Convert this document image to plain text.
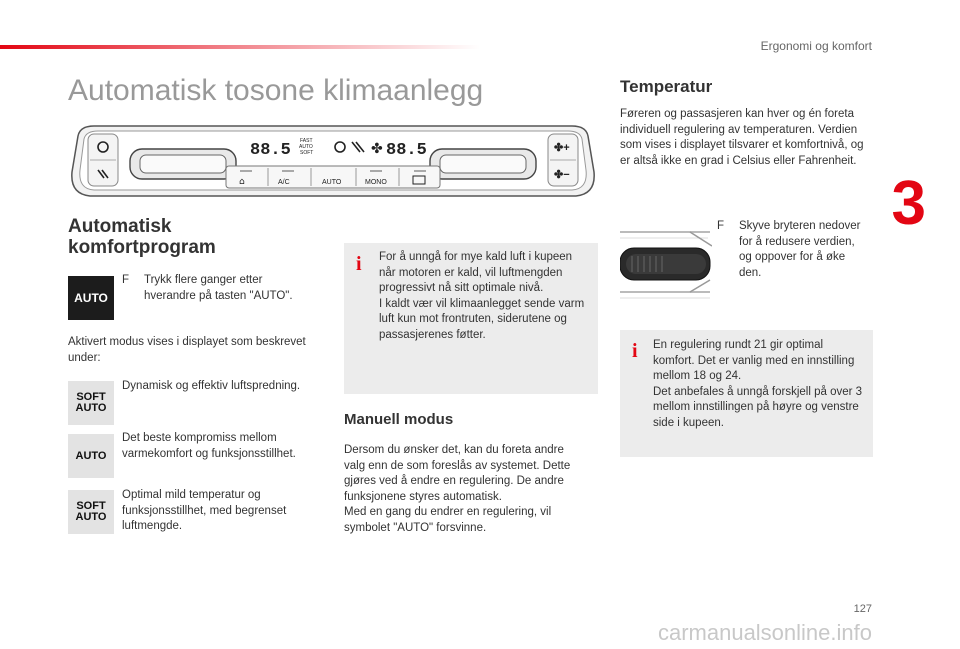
Ergonomi og komfort
3
Automatisk tosone klimaanlegg
✤+
✤−
88.5 FAST
AUTO
SOFT	✤ 88.5
⌂	A/C	AUTO	MONO
Automatisk
komfortprogram
AUTO
F Trykk flere ganger etter hverandre på tasten "AUTO".
Aktivert modus vises i displayet som beskrevet under:
SOFT
AUTO
Dynamisk og effektiv luftspredning.
AUTO
Det beste kompromiss mellom varmekomfort og funksjonsstillhet.
SOFT
AUTO
Optimal mild temperatur og funksjonsstillhet, med begrenset luftmengde.
i For å unngå for mye kald luft i kupeen når motoren er kald, vil luftmengden progressivt nå sitt optimale nivå.
I kaldt vær vil klimaanlegget sende varm luft kun mot frontruten, siderutene og passasjerenes føtter.
Manuell modus
Dersom du ønsker det, kan du foreta andre valg enn de som foreslås av systemet. Dette gjøres ved å endre en regulering. De andre funksjonene styres automatisk.
Med en gang du endrer en regulering, vil symbolet "AUTO" forsvinne.
Temperatur
Føreren og passasjeren kan hver og én foreta individuell regulering av temperaturen. Verdien som vises i displayet tilsvarer et komfortnivå, og er altså ikke en grad i Celsius eller Fahrenheit.
F Skyve bryteren nedover for å redusere verdien, og oppover for å øke den.
i En regulering rundt 21 gir optimal komfort. Det er vanlig med en innstilling mellom 18 og 24.
Det anbefales å unngå forskjell på over 3 mellom innstillingen på høyre og venstre side i kupeen.
127
carmanualsonline.info
